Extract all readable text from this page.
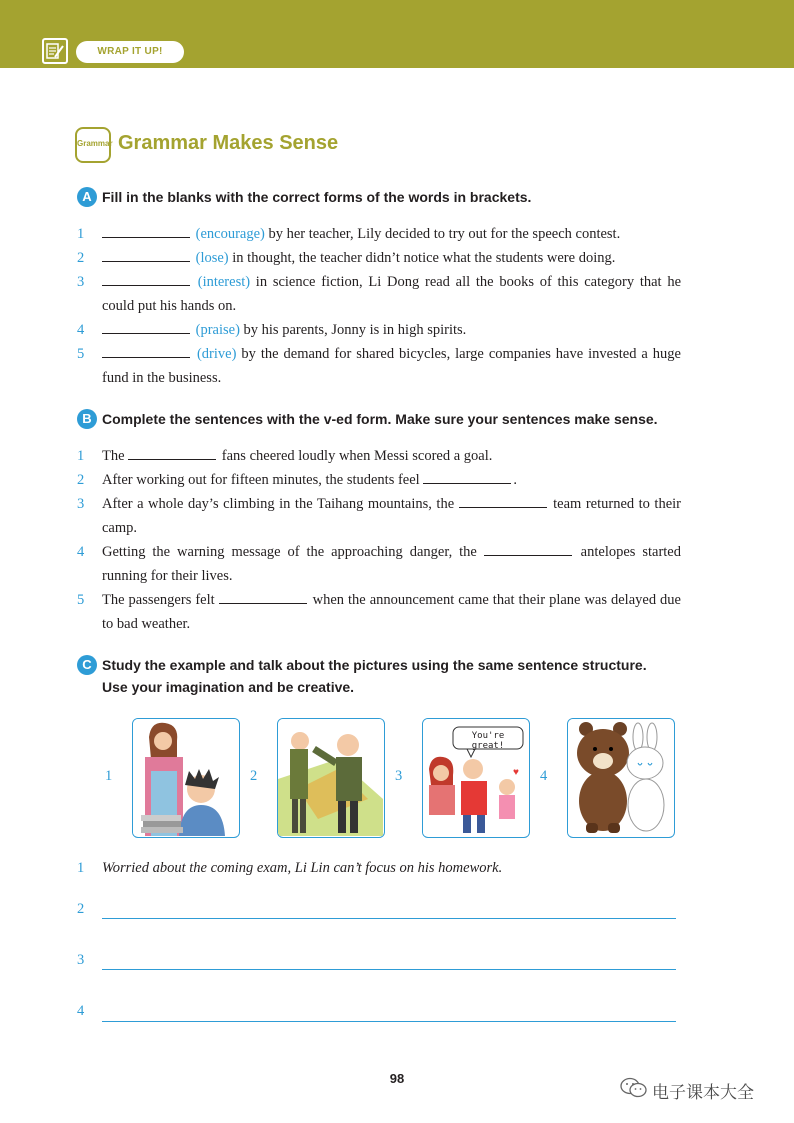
WRAP IT UP!
Grammar Grammar Makes Sense
A Fill in the blanks with the correct forms of the words in brackets.
1	(encourage) by her teacher, Lily decided to try out for the speech contest.
2	(lose) in thought, the teacher didn’t notice what the students were doing.
3	(interest) in science fiction, Li Dong read all the books of this category that he could put his hands on.
4	(praise) by his parents, Jonny is in high spirits.
5	(drive) by the demand for shared bicycles, large companies have invested a huge fund in the business.
B Complete the sentences with the v-ed form. Make sure your sentences make sense.
1 The	fans cheered loudly when Messi scored a goal.
2 After working out for fifteen minutes, the students feel	.
3 After a whole day’s climbing in the Taihang mountains, the	team returned to their camp.
4 Getting the warning message of the approaching danger, the	antelopes started running for their lives.
5 The passengers felt	when the announcement came that their plane was delayed due to bad weather.
C Study the example and talk about the pictures using the same sentence structure.
Use your imagination and be creative.
1	2	3	♥
You're great!
4
1 Worried about the coming exam, Li Lin can’t focus on his homework.
2
3
4
98
电子课本大全
